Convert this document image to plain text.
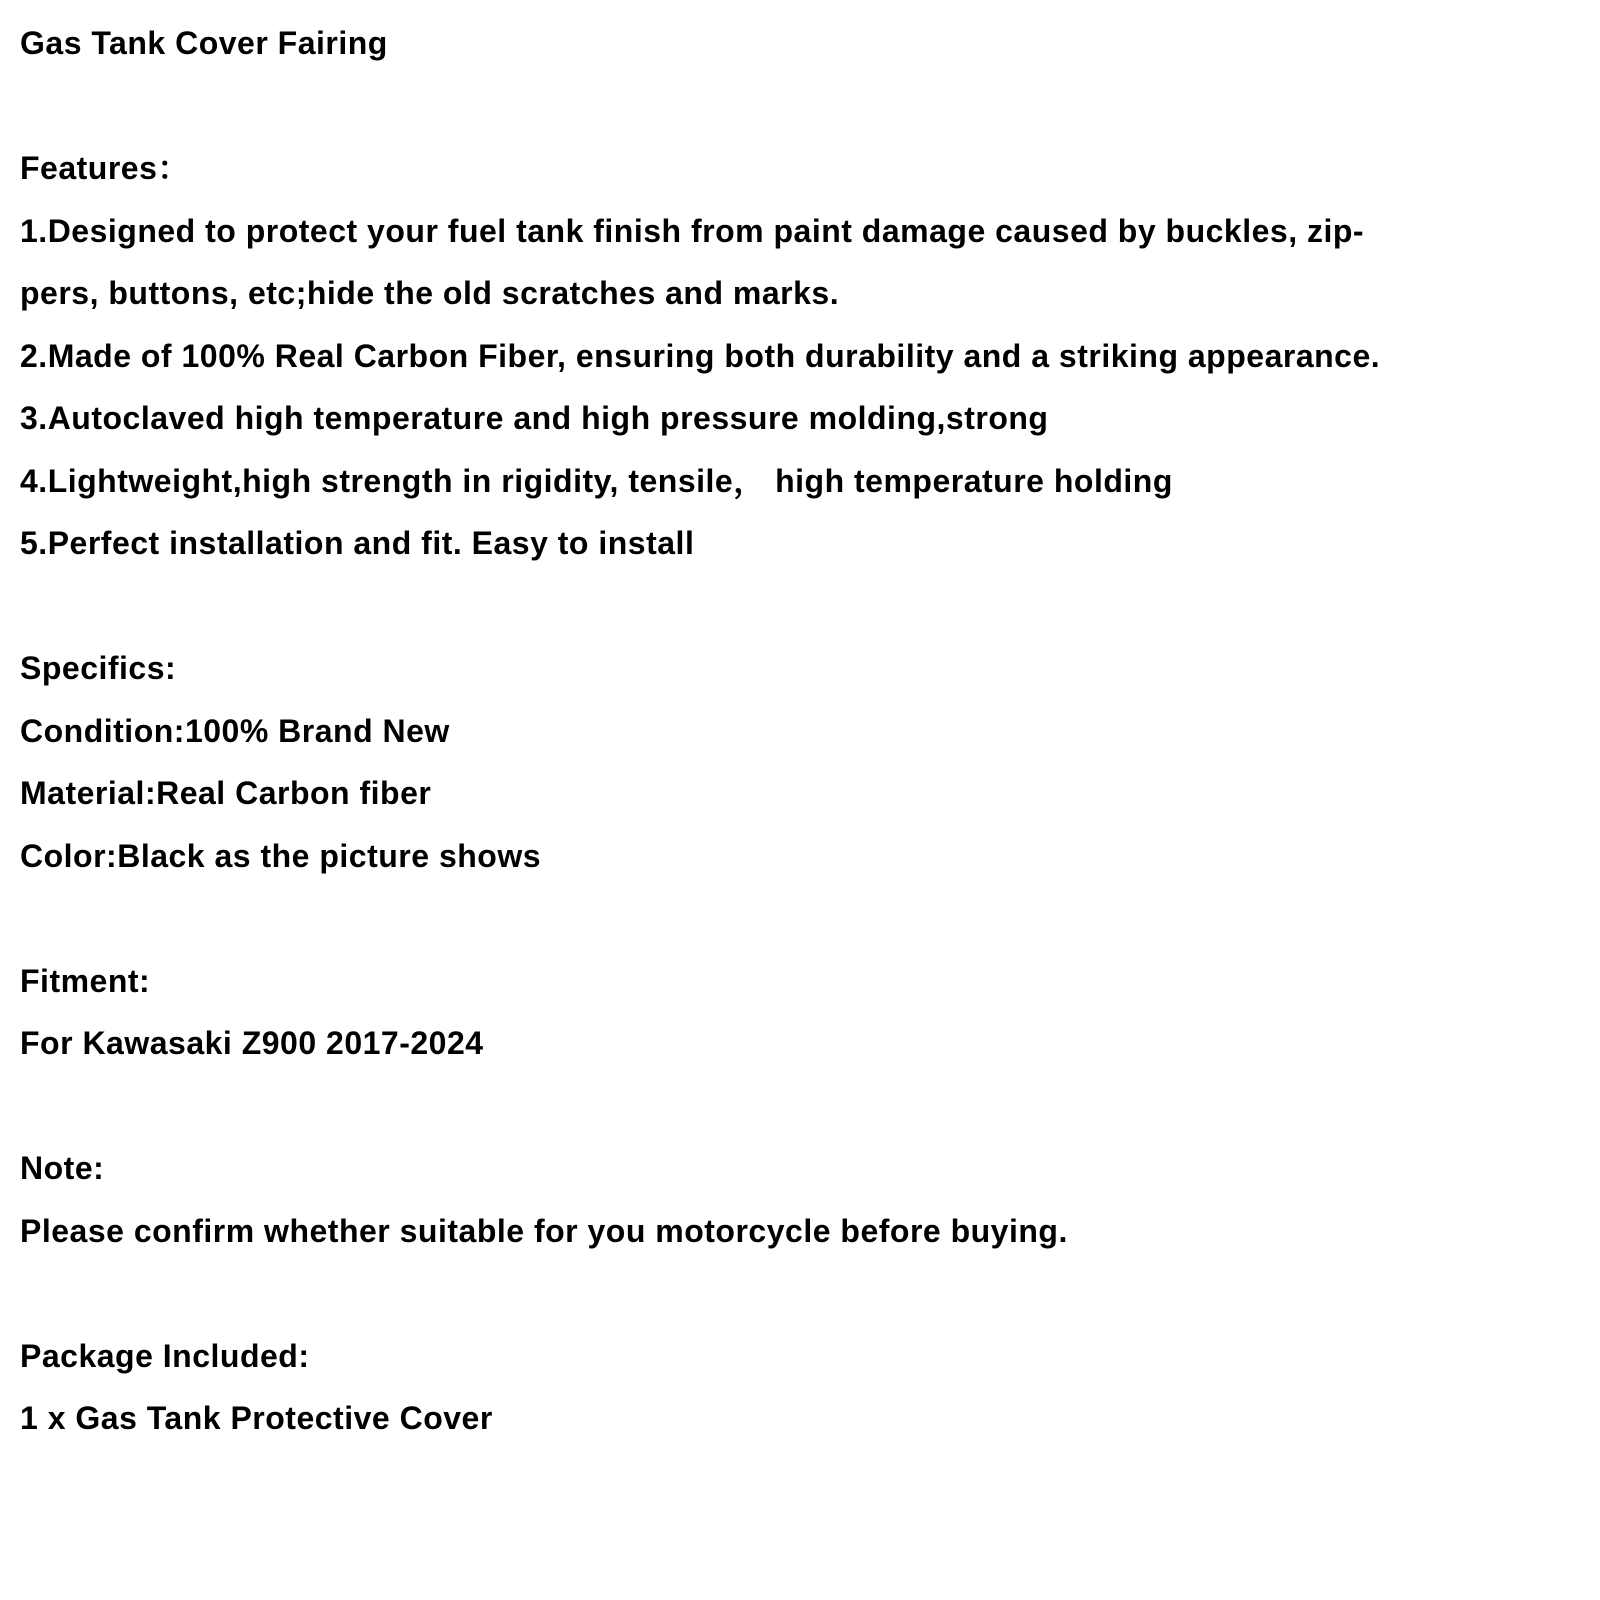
Gas Tank Cover Fairing
Features：
1.Designed to protect your fuel tank finish from paint damage caused by buckles, zip-
pers, buttons, etc;hide the old scratches and marks.
2.Made of 100% Real Carbon Fiber, ensuring both durability and a striking appearance.
3.Autoclaved high temperature and high pressure molding,strong
4.Lightweight,high strength in rigidity, tensile， high temperature holding
5.Perfect installation and fit. Easy to install
Specifics:
Condition:100% Brand New
Material:Real Carbon fiber
Color:Black as the picture shows
Fitment:
For Kawasaki Z900 2017-2024
Note:
Please confirm whether suitable for you motorcycle before buying.
Package Included:
1 x Gas Tank Protective Cover
